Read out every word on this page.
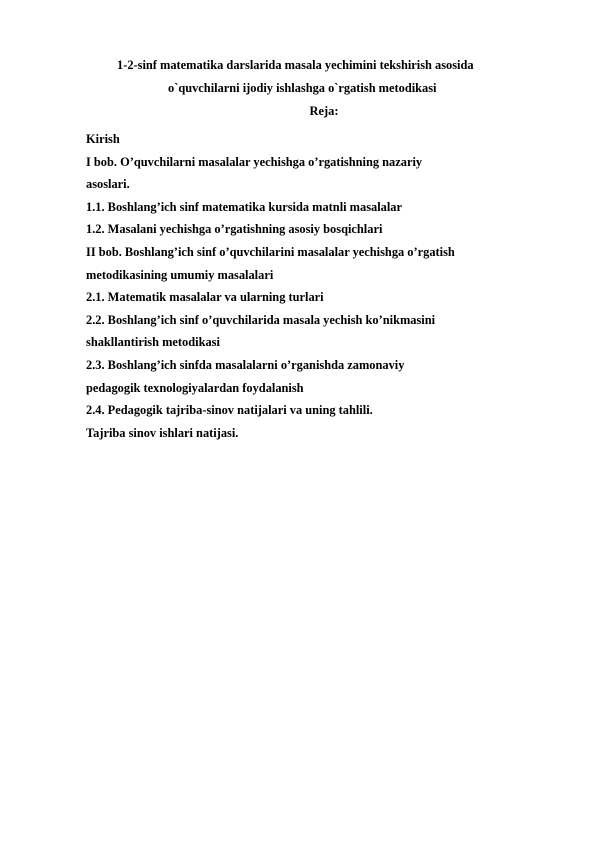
1-2-sinf matematika darslarida masala yechimini tekshirish asosida
o`quvchilarni ijodiy ishlashga o`rgatish metodikasi
Reja:
Kirish
I bob. O’quvchilarni masalalar yechishga o’rgatishning nazariy
asoslari.
1.1. Boshlang’ich sinf matematika kursida matnli masalalar
1.2. Masalani yechishga o’rgatishning asosiy bosqichlari
II bob. Boshlang’ich sinf o’quvchilarini masalalar yechishga o’rgatish
metodikasining umumiy masalalari
2.1. Matematik masalalar va ularning turlari
2.2. Boshlang’ich sinf o’quvchilarida masala yechish ko’nikmasini
shakllantirish metodikasi
2.3. Boshlang’ich sinfda masalalarni o’rganishda zamonaviy
pedagogik texnologiyalardan foydalanish
2.4. Pedagogik tajriba-sinov natijalari va uning tahlili.
Tajriba sinov ishlari natijasi.
